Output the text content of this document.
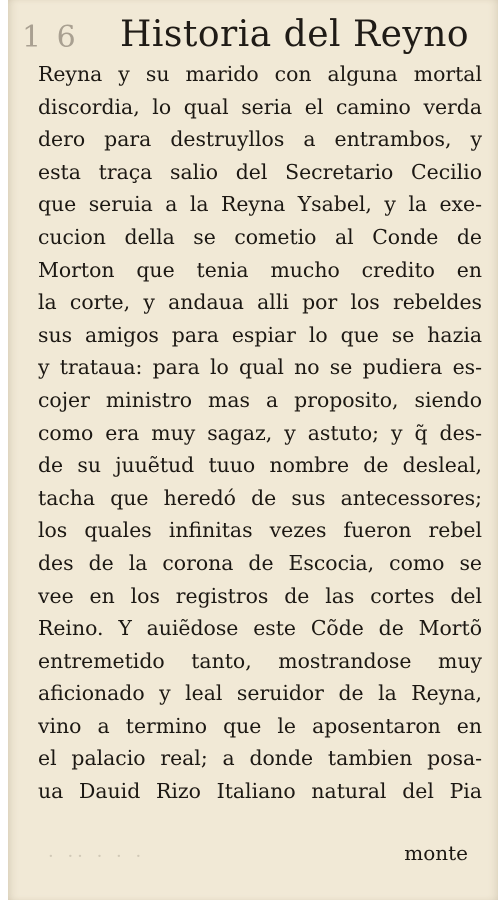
1 6 Historia del Reyno
Reyna y su marido con alguna mortal
discordia, lo qual seria el camino verda
dero para destruyllos a entrambos, y
esta traça salio del Secretario Cecilio
que seruia a la Reyna Ysabel, y la exe-
cucion della se cometio al Conde de
Morton que tenia mucho credito en
la corte, y andaua alli por los rebeldes
sus amigos para espiar lo que se hazia
y trataua: para lo qual no se pudiera es-
cojer ministro mas a proposito, siendo
como era muy sagaz, y astuto; y q̃ des-
de su juuẽtud tuuo nombre de desleal,
tacha que heredó de sus antecessores;
los quales infinitas vezes fueron rebel
des de la corona de Escocia, como se
vee en los registros de las cortes del
Reino. Y auiẽdose este Cõde de Mortõ
entremetido tanto, mostrandose muy
aficionado y leal seruidor de la Reyna,
vino a termino que le aposentaron en
el palacio real; a donde tambien posa-
ua Dauid Rizo Italiano natural del Pia
· ·· · · ·	monte
